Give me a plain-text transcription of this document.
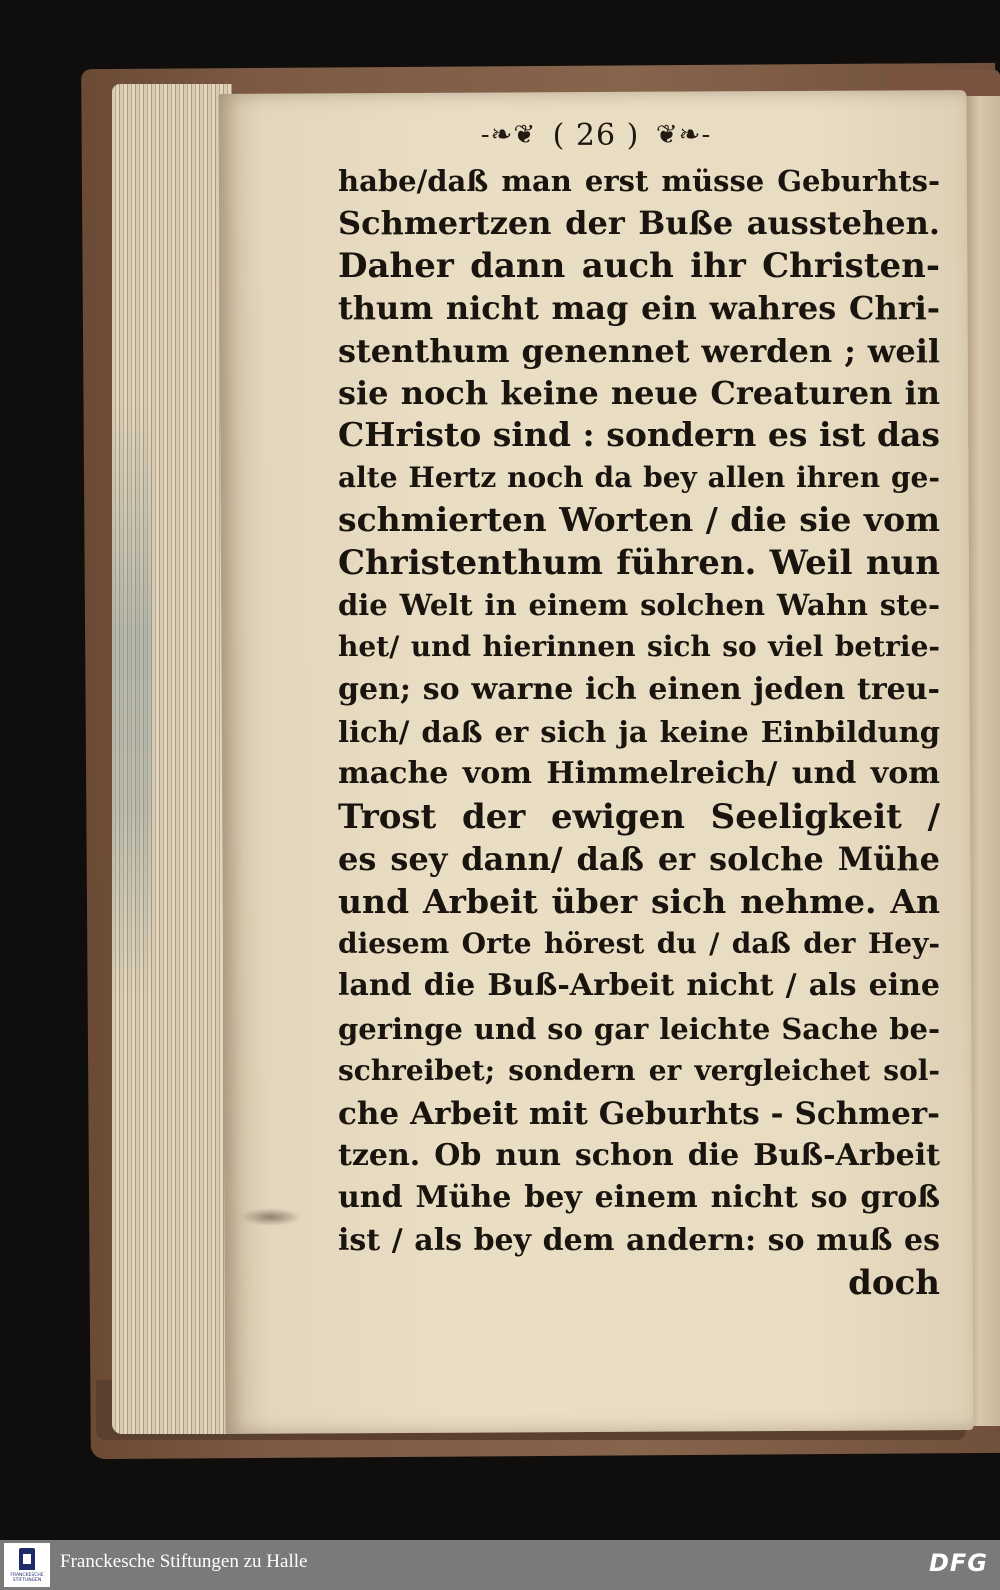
-❧❦ ( 26 ) ❦❧-
habe/daß man erst müsse Geburhts-
Schmertzen der Buße ausstehen.
Daher dann auch ihr Christen-
thum nicht mag ein wahres Chri-
stenthum genennet werden ; weil
sie noch keine neue Creaturen in
CHristo sind : sondern es ist das
alte Hertz noch da bey allen ihren ge-
schmierten Worten / die sie vom
Christenthum führen. Weil nun
die Welt in einem solchen Wahn ste-
het/ und hierinnen sich so viel betrie-
gen; so warne ich einen jeden treu-
lich/ daß er sich ja keine Einbildung
mache vom Himmelreich/ und vom
Trost der ewigen Seeligkeit /
es sey dann/ daß er solche Mühe
und Arbeit über sich nehme. An
diesem Orte hörest du / daß der Hey-
land die Buß-Arbeit nicht / als eine
geringe und so gar leichte Sache be-
schreibet; sondern er vergleichet sol-
che Arbeit mit Geburhts - Schmer-
tzen. Ob nun schon die Buß-Arbeit
und Mühe bey einem nicht so groß
ist / als bey dem andern: so muß es
doch
FRANCKESCHE STIFTUNGEN
Franckesche Stiftungen zu Halle	DFG
